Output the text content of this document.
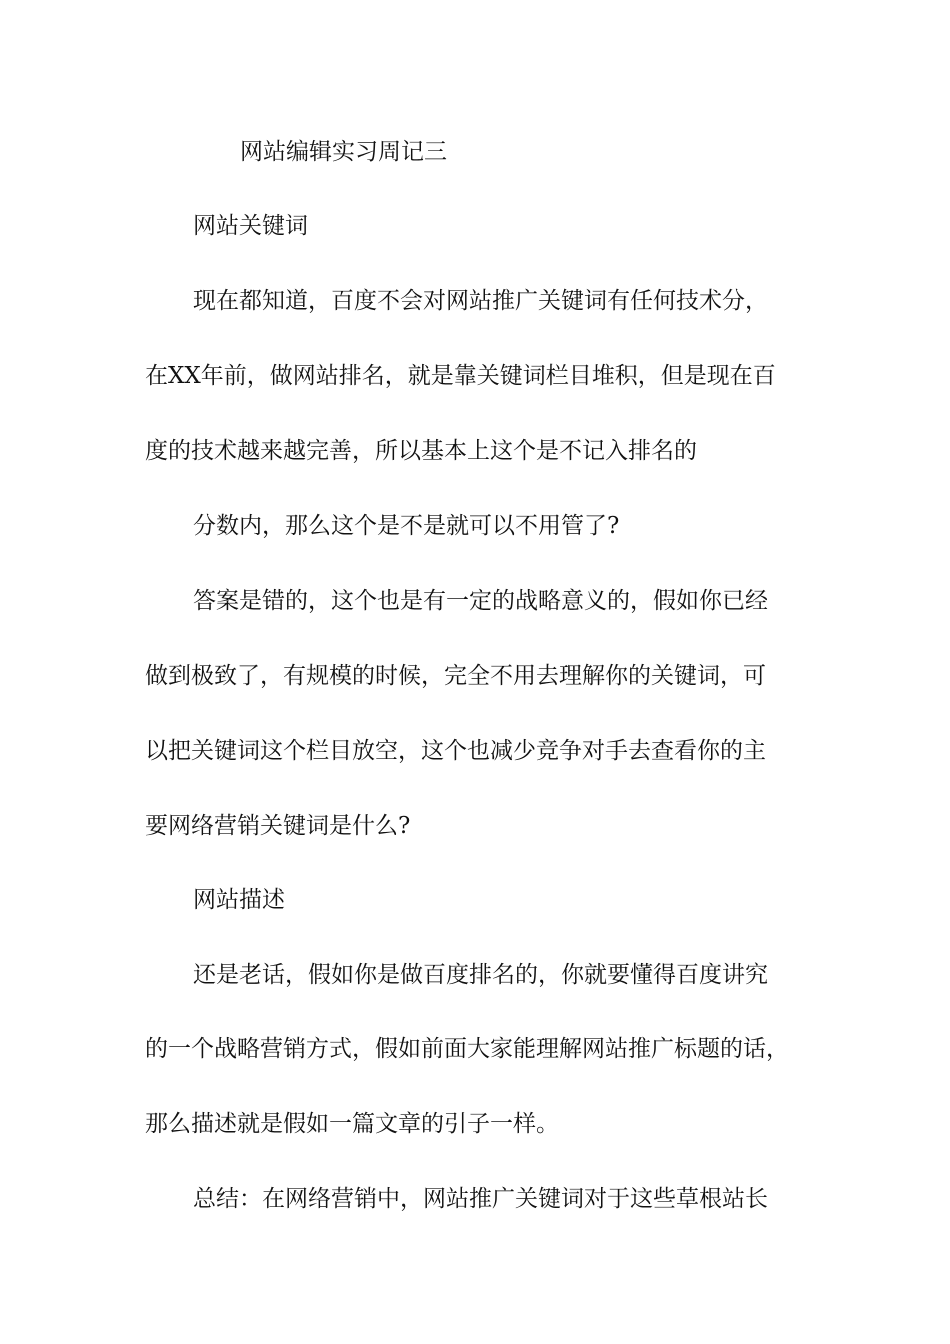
网站编辑实习周记三

网站关键词

现在都知道，百度不会对网站推广关键词有任何技术分，

在XX年前，做网站排名，就是靠关键词栏目堆积，但是现在百

度的技术越来越完善，所以基本上这个是不记入排名的

分数内，那么这个是不是就可以不用管了?

答案是错的，这个也是有一定的战略意义的，假如你已经

做到极致了，有规模的时候，完全不用去理解你的关键词，可

以把关键词这个栏目放空，这个也减少竞争对手去查看你的主

要网络营销关键词是什么?

网站描述

还是老话，假如你是做百度排名的，你就要懂得百度讲究

的一个战略营销方式，假如前面大家能理解网站推广标题的话，

那么描述就是假如一篇文章的引子一样。

总结：在网络营销中，网站推广关键词对于这些草根站长
